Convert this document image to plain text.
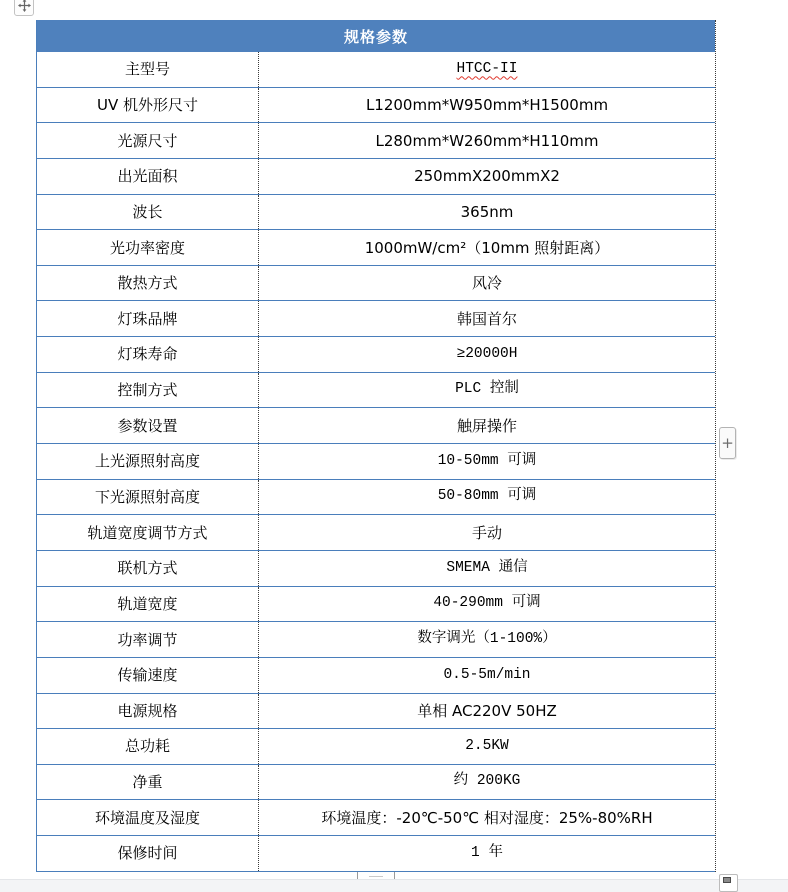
规格参数
主型号	HTCC-II
UV 机外形尺寸	L1200mm*W950mm*H1500mm
光源尺寸	L280mm*W260mm*H110mm
出光面积	250mmX200mmX2
波长	365nm
光功率密度	1000mW/cm²（10mm 照射距离）
散热方式	风冷
灯珠品牌	韩国首尔
灯珠寿命	≥20000H
控制方式	PLC 控制
参数设置	触屏操作
上光源照射高度	10-50mm 可调
下光源照射高度	50-80mm 可调
轨道宽度调节方式	手动
联机方式	SMEMA 通信
轨道宽度	40-290mm 可调
功率调节	数字调光（1-100%）
传输速度	0.5-5m/min
电源规格	单相 AC220V 50HZ
总功耗	2.5KW
净重	约 200KG
环境温度及湿度	环境温度：-20℃-50℃ 相对湿度：25%-80%RH
保修时间	1 年
+
